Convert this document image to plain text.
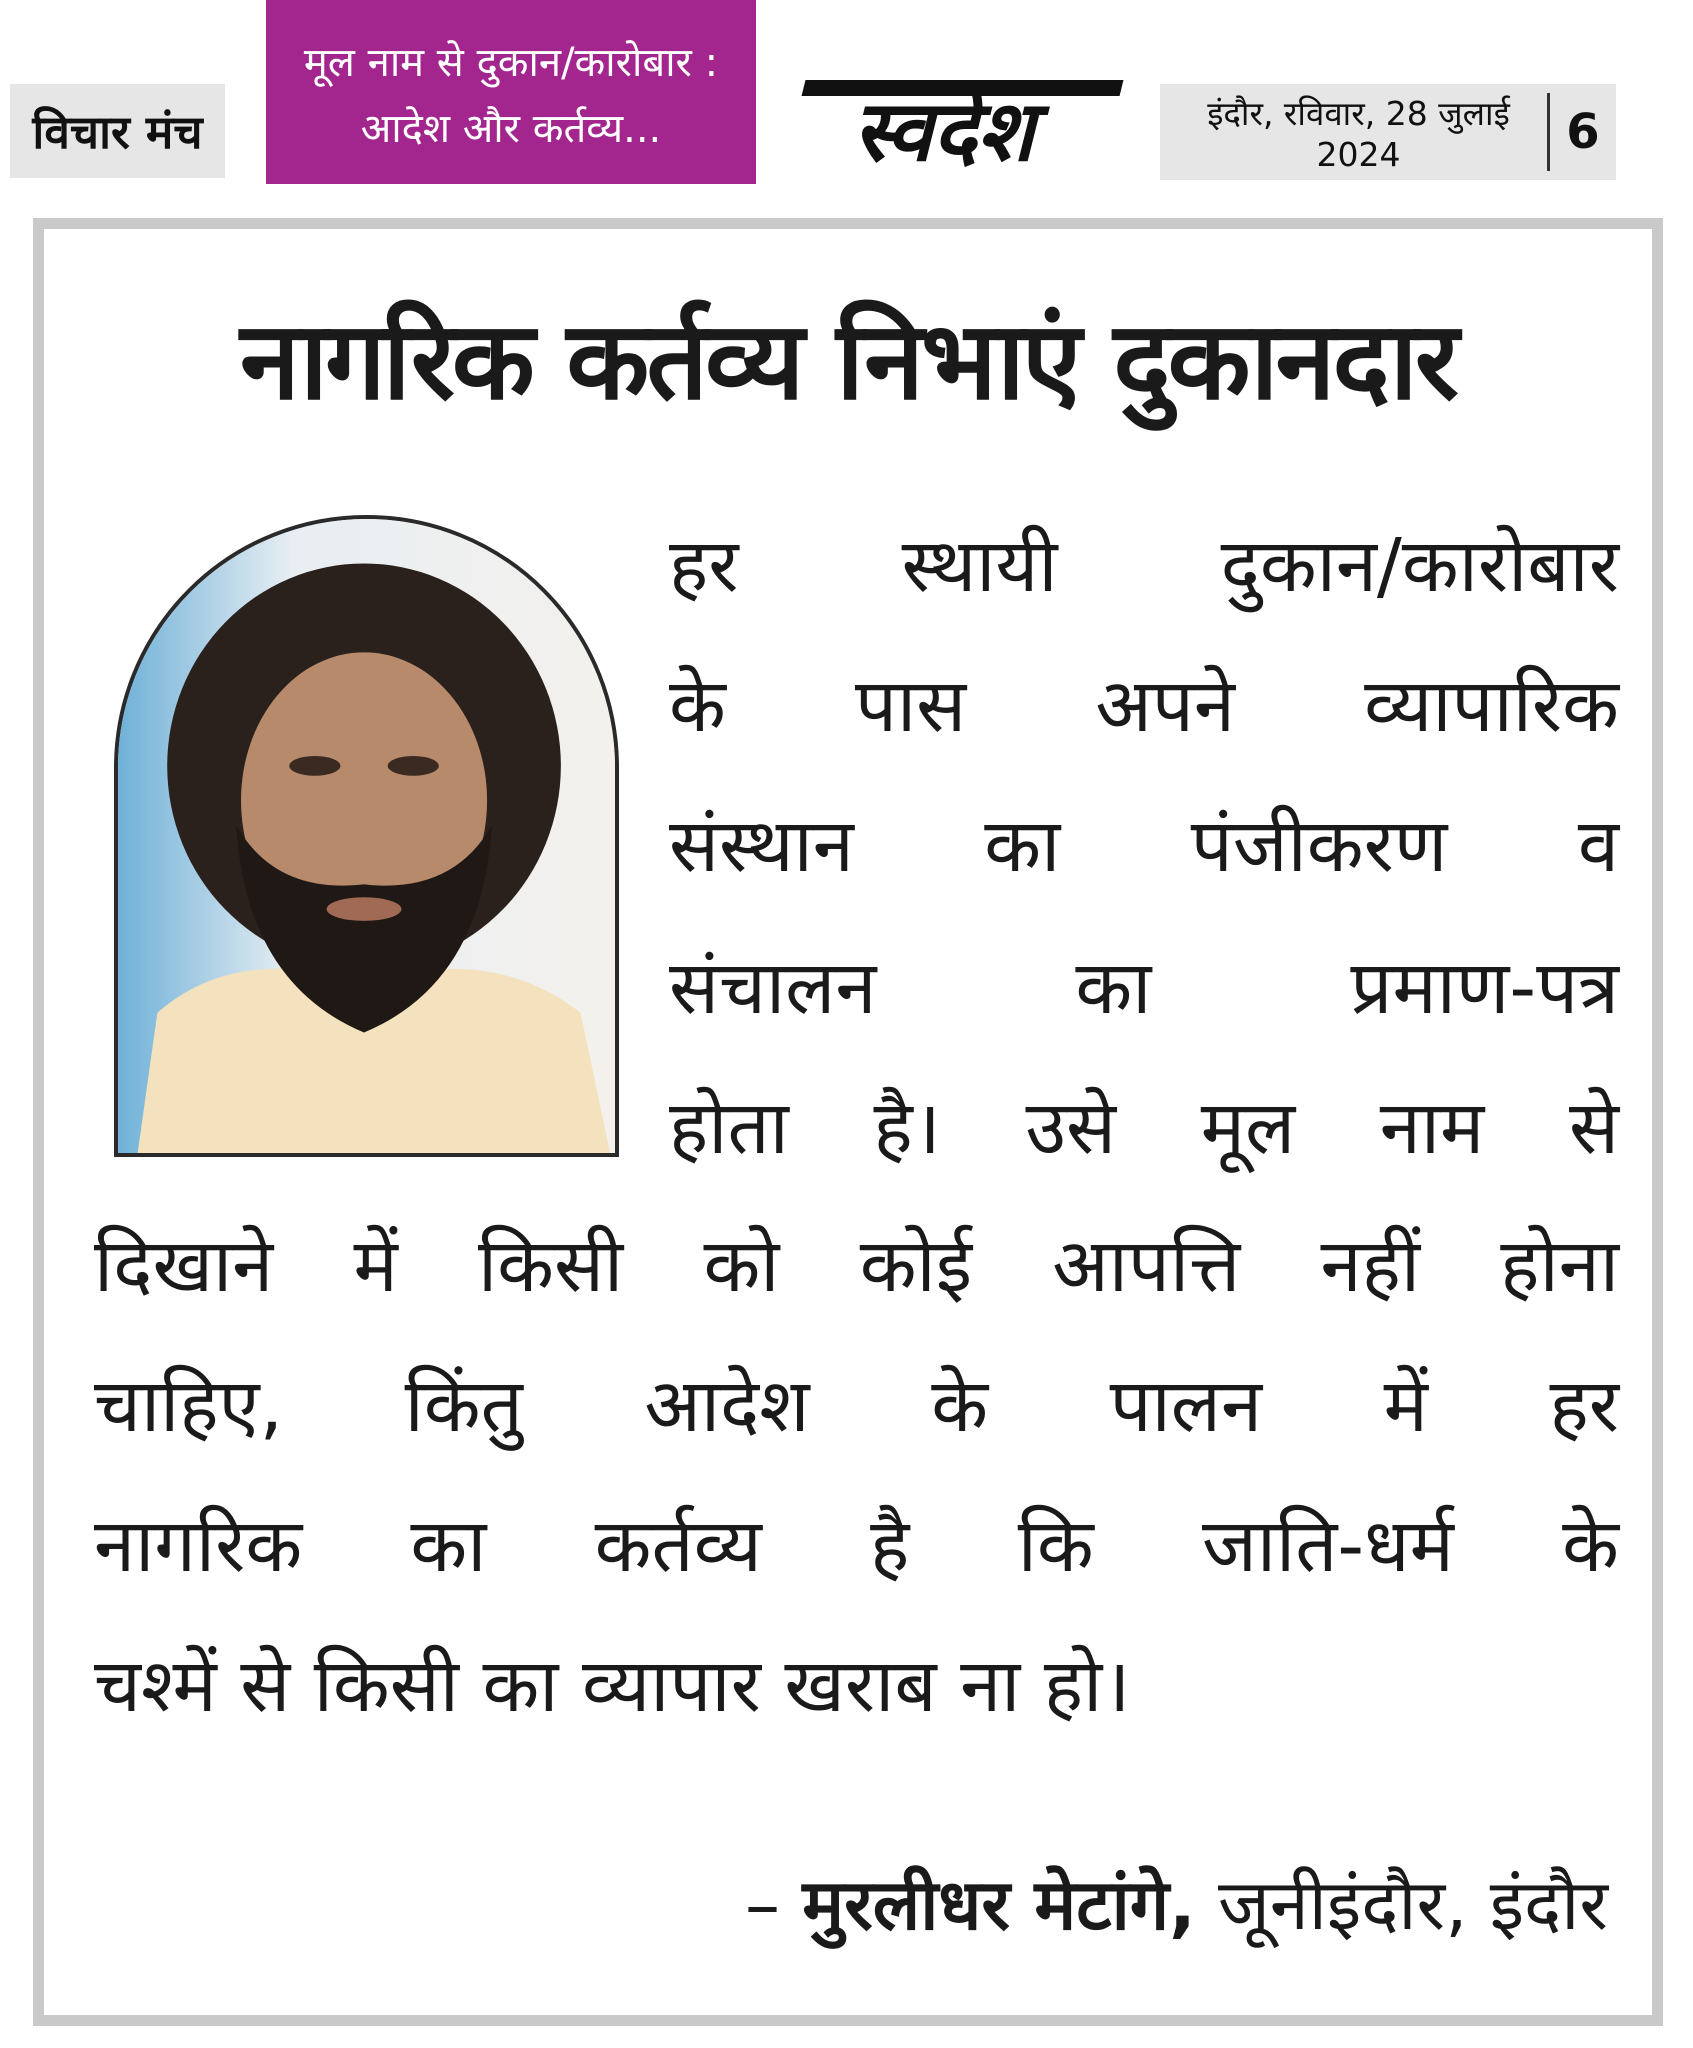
विचार मंच
मूल नाम से दुकान/कारोबार :
आदेश और कर्तव्य... स्वदेश	इंदौर, रविवार, 28 जुलाई 2024	6
नागरिक कर्तव्य निभाएं दुकानदार
हर स्थायी दुकान/कारोबार
के पास अपने व्यापारिक
संस्थान का पंजीकरण व
संचालन	का	प्रमाण-पत्र
होता है। उसे मूल नाम से
दिखाने में किसी को कोई आपत्ति नहीं होना
चाहिए, किंतु आदेश के पालन में हर
नागरिक का कर्तव्य है कि जाति-धर्म के
चश्में से किसी का व्यापार खराब ना हो।
– मुरलीधर मेटांगे, जूनीइंदौर, इंदौर
